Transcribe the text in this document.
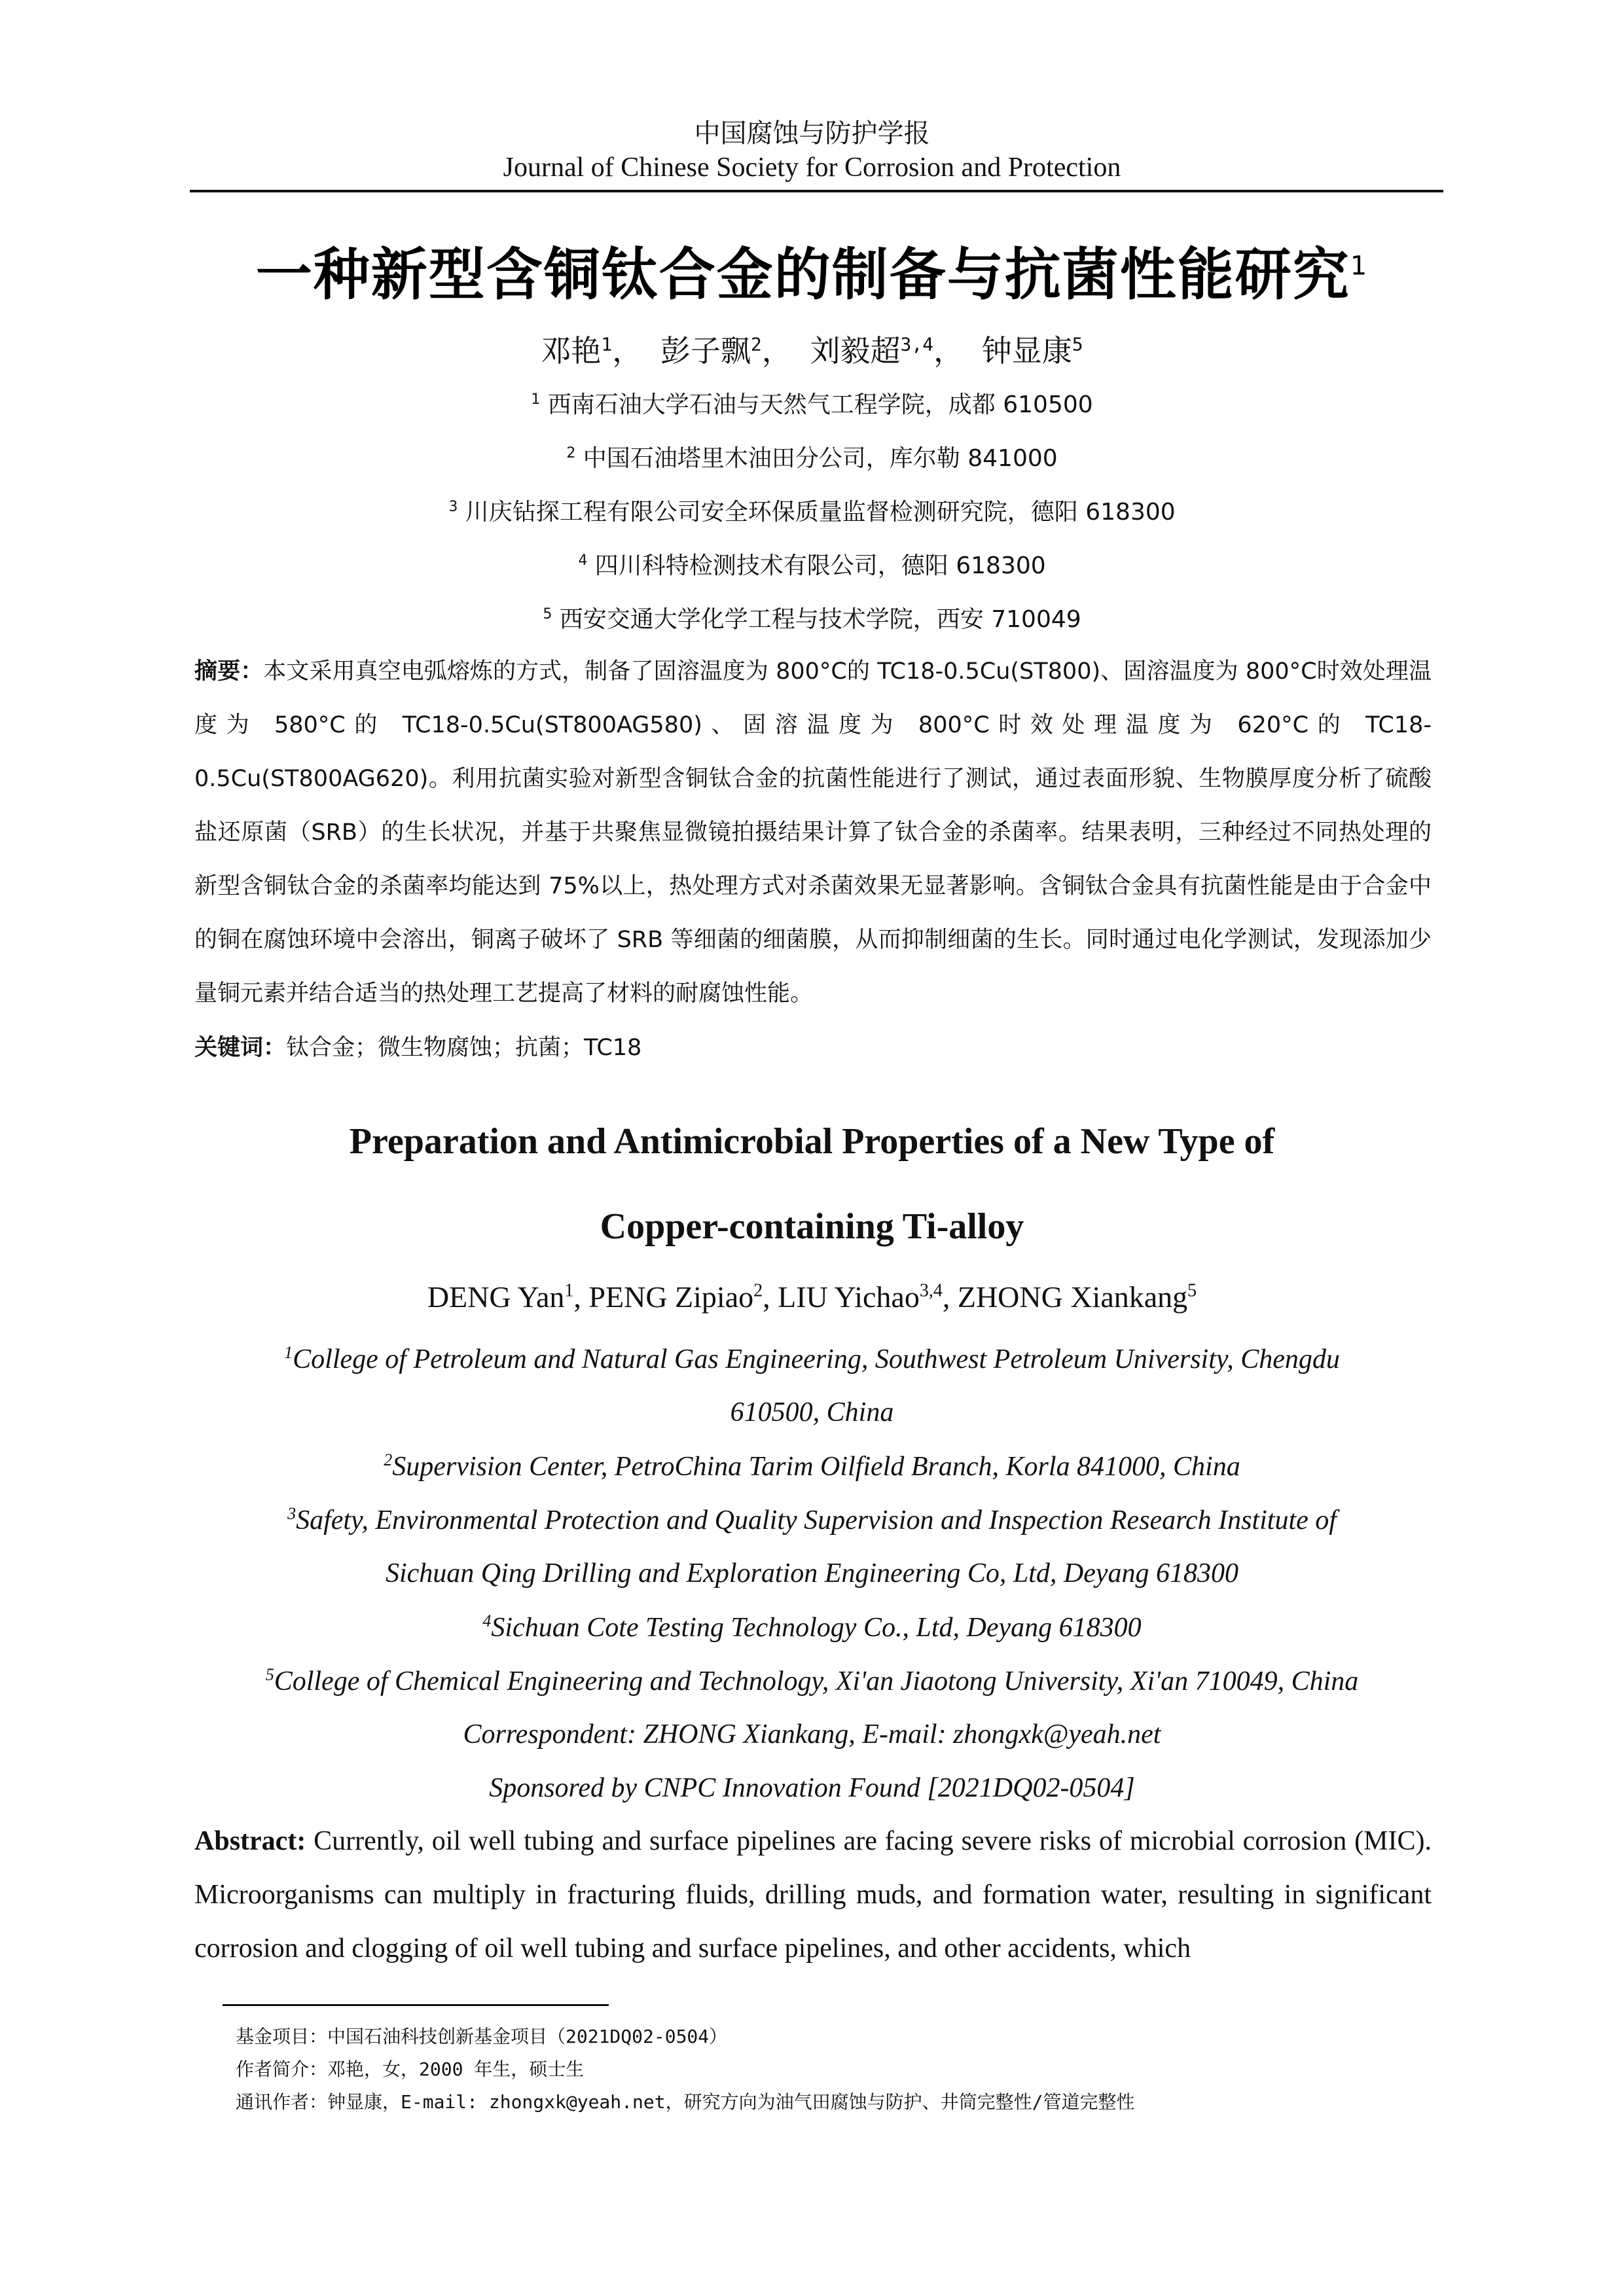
中国腐蚀与防护学报
Journal of Chinese Society for Corrosion and Protection
一种新型含铜钛合金的制备与抗菌性能研究$^1$
邓艳$^1$， 彭子飘$^2$， 刘毅超$^{3,4}$， 钟显康$^5$
$^1$ 西南石油大学石油与天然气工程学院，成都 610500
$^2$ 中国石油塔里木油田分公司，库尔勒 841000
$^3$ 川庆钻探工程有限公司安全环保质量监督检测研究院，德阳 618300
$^4$ 四川科特检测技术有限公司，德阳 618300
$^5$ 西安交通大学化学工程与技术学院，西安 710049
摘要：本文采用真空电弧熔炼的方式，制备了固溶温度为 800°C的 TC18-0.5Cu(ST800)、固溶温度为 800°C时效处理温度为 580°C的 TC18-0.5Cu(ST800AG580)、固溶温度为 800°C时效处理温度为 620°C的 TC18-0.5Cu(ST800AG620)。利用抗菌实验对新型含铜钛合金的抗菌性能进行了测试，通过表面形貌、生物膜厚度分析了硫酸盐还原菌（SRB）的生长状况，并基于共聚焦显微镜拍摄结果计算了钛合金的杀菌率。结果表明，三种经过不同热处理的新型含铜钛合金的杀菌率均能达到 75%以上，热处理方式对杀菌效果无显著影响。含铜钛合金具有抗菌性能是由于合金中的铜在腐蚀环境中会溶出，铜离子破坏了 SRB 等细菌的细菌膜，从而抑制细菌的生长。同时通过电化学测试，发现添加少量铜元素并结合适当的热处理工艺提高了材料的耐腐蚀性能。
关键词：钛合金；微生物腐蚀；抗菌；TC18
Preparation and Antimicrobial Properties of a New Type of
Copper-containing Ti-alloy
DENG Yan$^1$, PENG Zipiao$^2$, LIU Yichao$^{3,4}$, ZHONG Xiankang$^5$
$^1$College of Petroleum and Natural Gas Engineering, Southwest Petroleum University, Chengdu
610500, China
$^2$Supervision Center, PetroChina Tarim Oilfield Branch, Korla 841000, China
$^3$Safety, Environmental Protection and Quality Supervision and Inspection Research Institute of
Sichuan Qing Drilling and Exploration Engineering Co, Ltd, Deyang 618300
$^4$Sichuan Cote Testing Technology Co., Ltd, Deyang 618300
$^5$College of Chemical Engineering and Technology, Xi'an Jiaotong University, Xi'an 710049, China
Correspondent: ZHONG Xiankang, E-mail: zhongxk@yeah.net
Sponsored by CNPC Innovation Found [2021DQ02-0504]
Abstract: Currently, oil well tubing and surface pipelines are facing severe risks of microbial corrosion (MIC). Microorganisms can multiply in fracturing fluids, drilling muds, and formation water, resulting in significant corrosion and clogging of oil well tubing and surface pipelines, and other accidents, which
基金项目：中国石油科技创新基金项目（2021DQ02-0504）
作者简介：邓艳，女，2000 年生，硕士生
通讯作者：钟显康，E-mail: zhongxk@yeah.net，研究方向为油气田腐蚀与防护、井筒完整性/管道完整性
